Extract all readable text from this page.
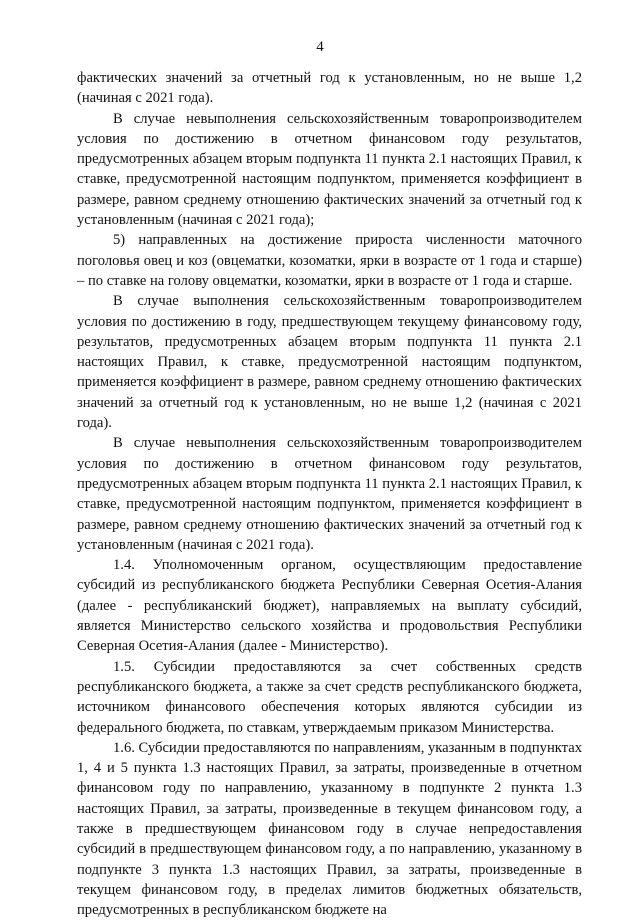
4

фактических значений за отчетный год к установленным, но не выше 1,2 (начиная с 2021 года).

В случае невыполнения сельскохозяйственным товаропроизводителем условия по достижению в отчетном финансовом году результатов, предусмотренных абзацем вторым подпункта 11 пункта 2.1 настоящих Правил, к ставке, предусмотренной настоящим подпунктом, применяется коэффициент в размере, равном среднему отношению фактических значений за отчетный год к установленным (начиная с 2021 года);

5) направленных на достижение прироста численности маточного поголовья овец и коз (овцематки, козоматки, ярки в возрасте от 1 года и старше) – по ставке на голову овцематки, козоматки, ярки в возрасте от 1 года и старше.

В случае выполнения сельскохозяйственным товаропроизводителем условия по достижению в году, предшествующем текущему финансовому году, результатов, предусмотренных абзацем вторым подпункта 11 пункта 2.1 настоящих Правил, к ставке, предусмотренной настоящим подпунктом, применяется коэффициент в размере, равном среднему отношению фактических значений за отчетный год к установленным, но не выше 1,2 (начиная с 2021 года).

В случае невыполнения сельскохозяйственным товаропроизводителем условия по достижению в отчетном финансовом году результатов, предусмотренных абзацем вторым подпункта 11 пункта 2.1 настоящих Правил, к ставке, предусмотренной настоящим подпунктом, применяется коэффициент в размере, равном среднему отношению фактических значений за отчетный год к установленным (начиная с 2021 года).

1.4. Уполномоченным органом, осуществляющим предоставление субсидий из республиканского бюджета Республики Северная Осетия-Алания (далее - республиканский бюджет), направляемых на выплату субсидий, является Министерство сельского хозяйства и продовольствия Республики Северная Осетия-Алания (далее - Министерство).

1.5. Субсидии предоставляются за счет собственных средств республиканского бюджета, а также за счет средств республиканского бюджета, источником финансового обеспечения которых являются субсидии из федерального бюджета, по ставкам, утверждаемым приказом Министерства.

1.6. Субсидии предоставляются по направлениям, указанным в подпунктах 1, 4 и 5 пункта 1.3 настоящих Правил, за затраты, произведенные в отчетном финансовом году по направлению, указанному в подпункте 2 пункта 1.3 настоящих Правил, за затраты, произведенные в текущем финансовом году, а также в предшествующем финансовом году в случае непредоставления субсидий в предшествующем финансовом году, а по направлению, указанному в подпункте 3 пункта 1.3 настоящих Правил, за затраты, произведенные в текущем финансовом году, в пределах лимитов бюджетных обязательств, предусмотренных в республиканском бюджете на
